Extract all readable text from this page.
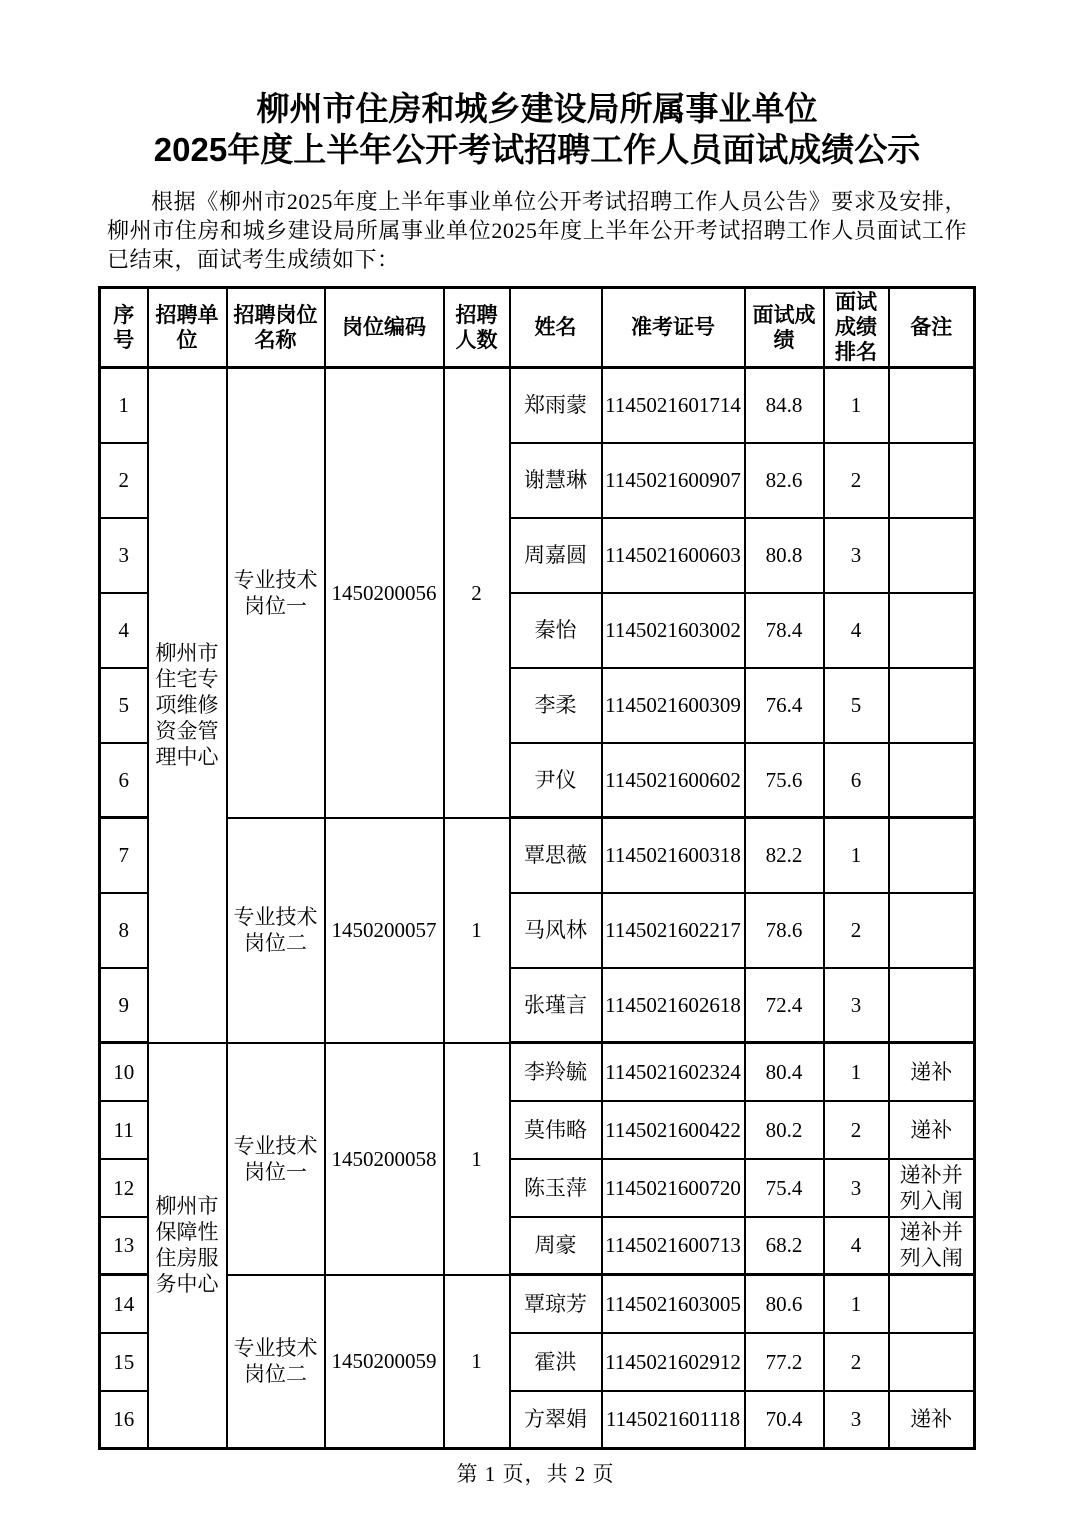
柳州市住房和城乡建设局所属事业单位
2025年度上半年公开考试招聘工作人员面试成绩公示

根据《柳州市2025年度上半年事业单位公开考试招聘工作人员公告》要求及安排，柳州市住房和城乡建设局所属事业单位2025年度上半年公开考试招聘工作人员面试工作已结束，面试考生成绩如下：

序号	招聘单位	招聘岗位名称	岗位编码	招聘人数	姓名	准考证号	面试成绩	面试成绩排名	备注
1	柳州市住宅专项维修资金管理中心	专业技术岗位一	1450200056	2	郑雨蒙	1145021601714	84.8	1	
2					谢慧琳	1145021600907	82.6	2	
3					周嘉圆	1145021600603	80.8	3	
4					秦怡	1145021603002	78.4	4	
5					李柔	1145021600309	76.4	5	
6					尹仪	1145021600602	75.6	6	
7		专业技术岗位二	1450200057	1	覃思薇	1145021600318	82.2	1	
8					马风林	1145021602217	78.6	2	
9					张瑾言	1145021602618	72.4	3	
10	柳州市保障性住房服务中心	专业技术岗位一	1450200058	1	李羚毓	1145021602324	80.4	1	递补
11					莫伟略	1145021600422	80.2	2	递补
12					陈玉萍	1145021600720	75.4	3	递补并列入闱
13					周豪	1145021600713	68.2	4	递补并列入闱
14		专业技术岗位二	1450200059	1	覃琼芳	1145021603005	80.6	1	
15					霍洪	1145021602912	77.2	2	
16					方翠娟	1145021601118	70.4	3	递补
第 1 页，共 2 页
